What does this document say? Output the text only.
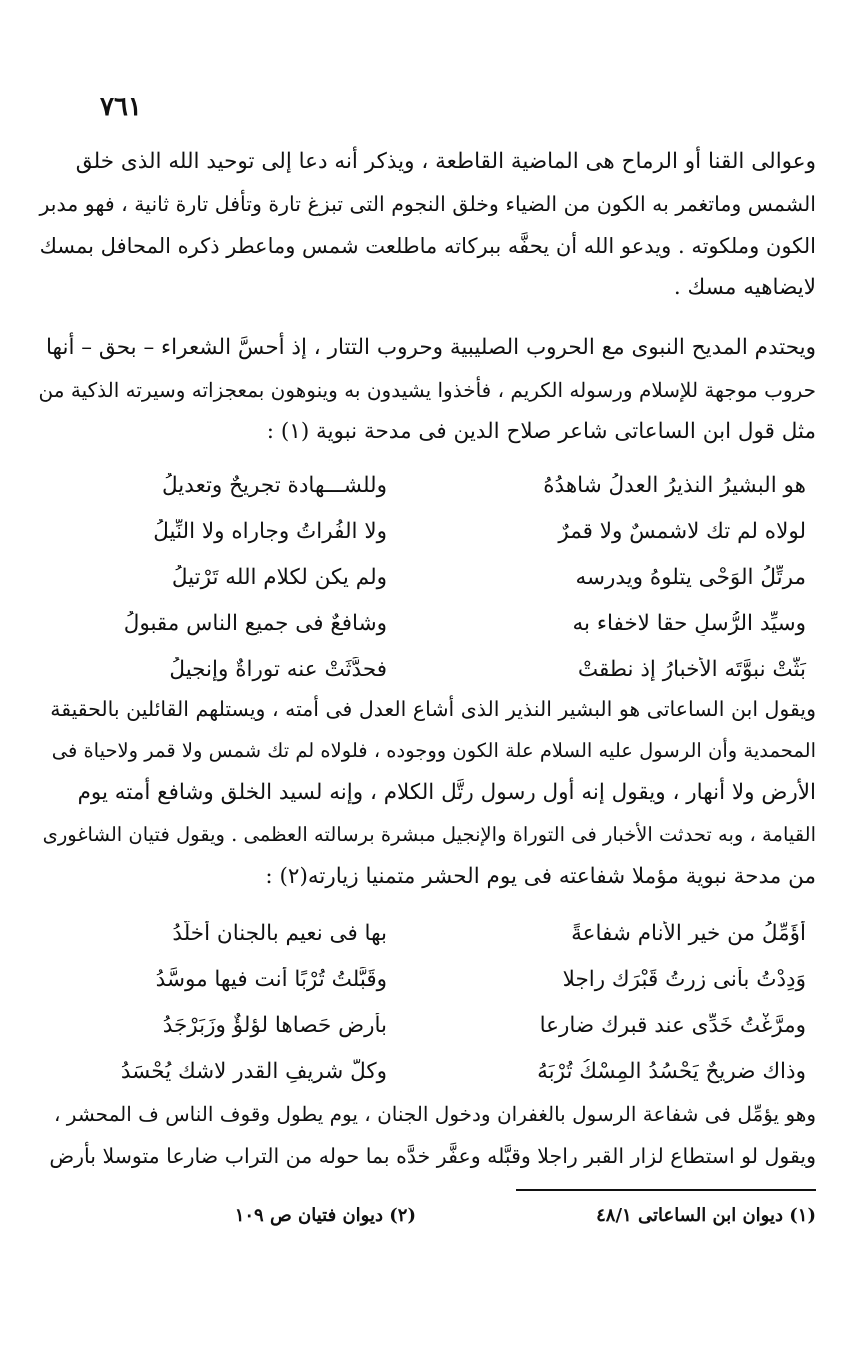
٧٦١

وعوالى القنا أو الرماح هى الماضية القاطعة ، ويذكر أنه دعا إلى توحيد الله الذى خلق
الشمس وماتغمر به الكون من الضياء وخلق النجوم التى تبزغ تارة وتأفل تارة ثانية ، فهو مدبر
الكون وملكوته . ويدعو الله أن يحفَّه ببركاته ماطلعت شمس وماعطر ذكره المحافل بمسك
لايضاهيه مسك .

ويحتدم المديح النبوى مع الحروب الصليبية وحروب التتار ، إذ أحسَّ الشعراء – بحق – أنها
حروب موجهة للإسلام ورسوله الكريم ، فأخذوا يشيدون به وينوهون بمعجزاته وسيرته الذكية من
مثل قول ابن الساعاتى شاعر صلاح الدين فى مدحة نبوية (١) :

هو البشيرُ النذيرُ العدلُ شاهدُهُ
وللشـــهادة تجريحٌ وتعديلُ
لولاه لم تك لاشمسٌ ولا قمرٌ
ولا الفُراتُ وجاراه ولا النِّيلُ
مرتِّلُ الوَحْى يتلوهُ ويدرسه
ولم يكن لكلام الله تَرْتيلُ
وسيِّد الرُّسلِ حقا لاخفاء به
وشافعٌ فى جميع الناس مقبولُ
بَثَّتْ نبوَّتَه الأخبارُ إذ نطقتْ
فحدَّثَتْ عنه توراةٌ وإنجيلُ

ويقول ابن الساعاتى هو البشير النذير الذى أشاع العدل فى أمته ، ويستلهم القائلين بالحقيقة
المحمدية وأن الرسول عليه السلام علة الكون ووجوده ، فلولاه لم تك شمس ولا قمر ولاحياة فى
الأرض ولا أنهار ، ويقول إنه أول رسول رتَّل الكلام ، وإنه لسيد الخلق وشافع أمته يوم
القيامة ، وبه تحدثت الأخبار فى التوراة والإنجيل مبشرة برسالته العظمى . ويقول فتيان الشاغورى
من مدحة نبوية مؤملا شفاعته فى يوم الحشر متمنيا زيارته(٢) :

أُؤَمِّلُ من خير الأنامِ شفاعةً
بها فى نعيمٍ بالجنان أخلَّدُ
وَدِدْتُ بأنى زرتُ قَبْرَك راجلا
وقَبَّلتُ تُرْبًا أَنت فيها موسَّدُ
ومرَّغْتُ خَدِّى عند قبرك ضارعا
بأرضٍ حَصاها لؤلؤٌ وزَبَرْجَدُ
وذاك ضريحٌ يَحْسُدُ المِسْكُ تُرْبَهُ
وكلٌّ شريفِ القدر لاشك يُحْسَدُ

وهو يؤمِّل فى شفاعة الرسول بالغفران ودخول الجنان ، يوم يطول وقوف الناس ف المحشر ،
ويقول لو استطاع لزار القبر راجلا وقبَّله وعفَّر خدَّه بما حوله من التراب ضارعا متوسلا بأرض

(١) ديوان ابن الساعاتى ٤٨/١
(٢) ديوان فتيان ص ١٠٩
